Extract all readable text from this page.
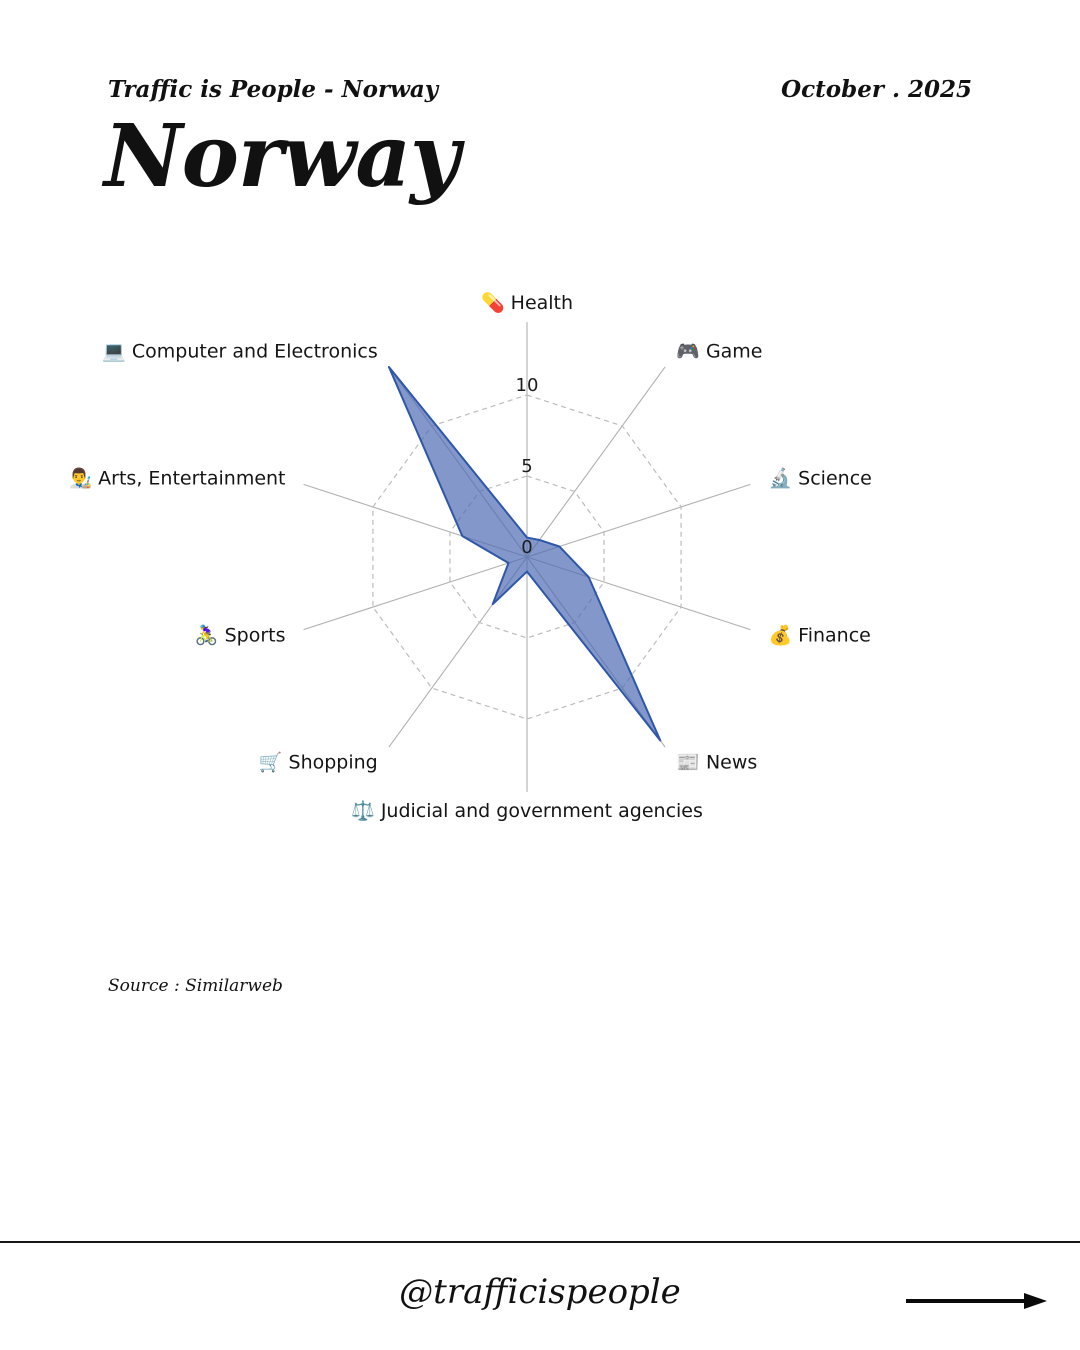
Traffic is People - Norway	October . 2025
Norway
0
5
10
💊 Health
🎮 Game
🔬 Science
💰 Finance
📰 News
⚖️ Judicial and government agencies
🛒 Shopping
🚴‍♀️ Sports
👨‍🎨 Arts, Entertainment
💻 Computer and Electronics
Source : Similarweb
@trafficispeople
